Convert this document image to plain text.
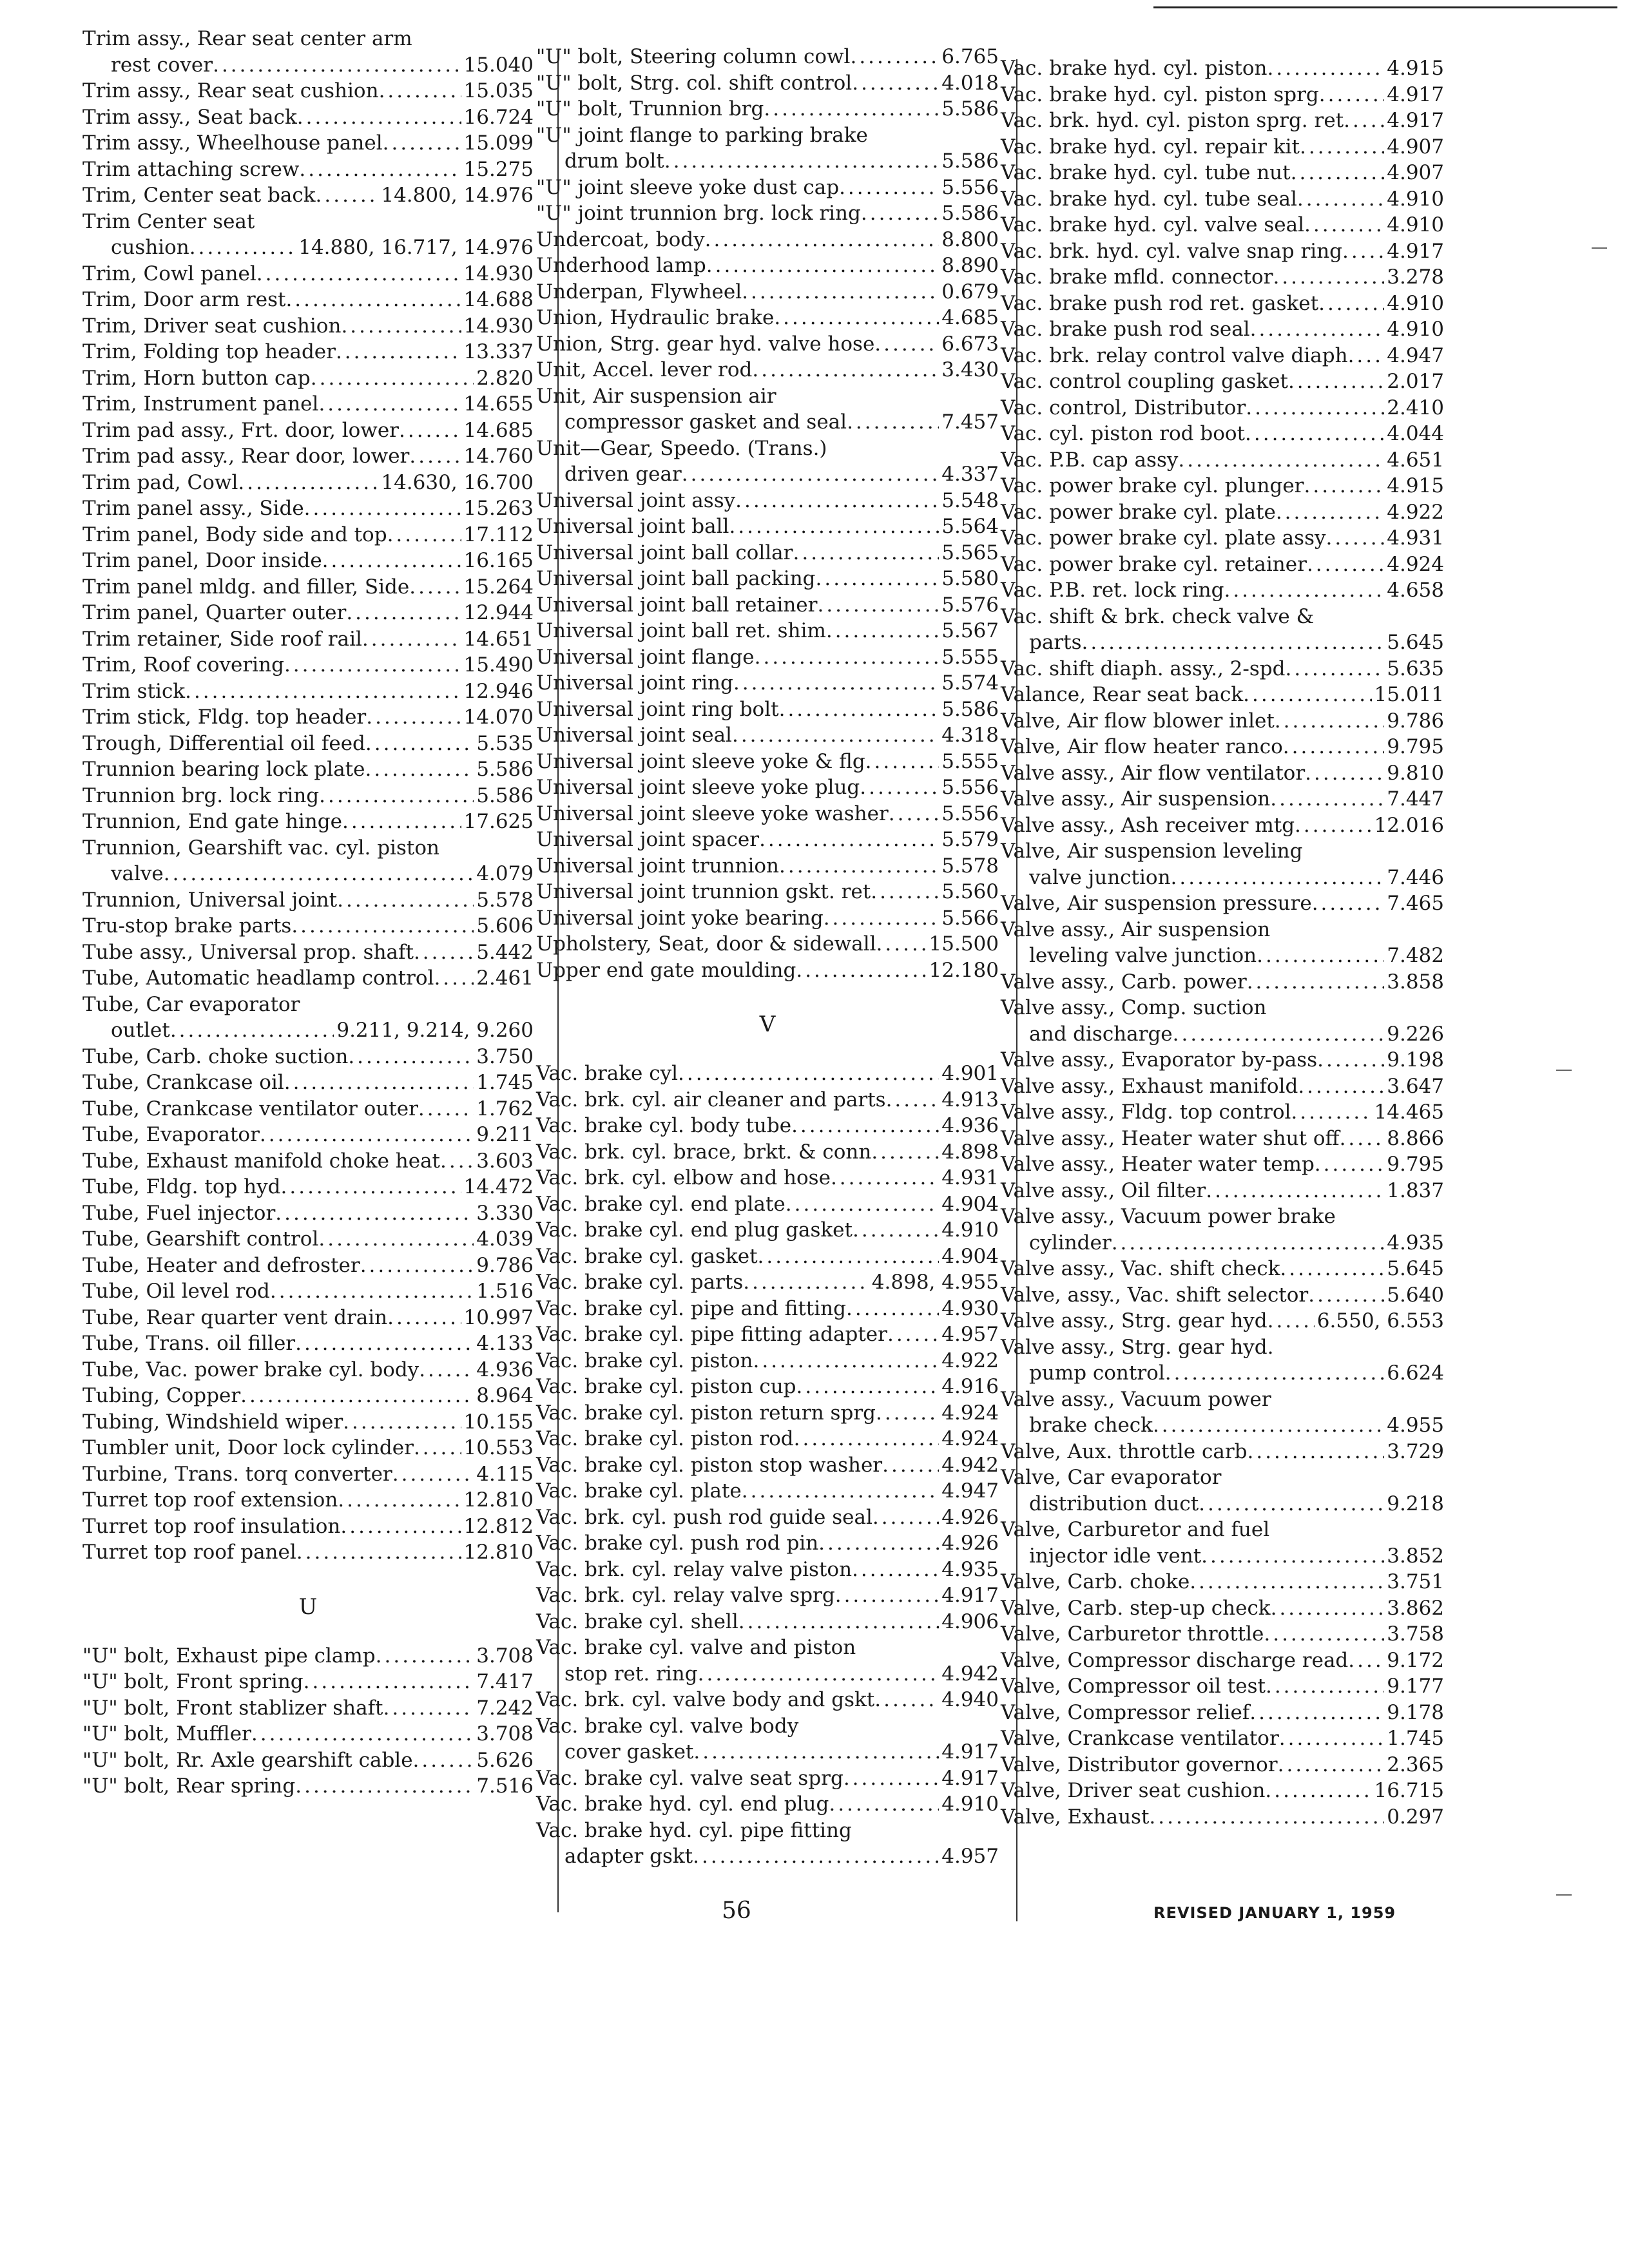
Trim assy., Rear seat center arm
rest cover .....	15.040
Trim assy., Rear seat cushion .....	15.035
Trim assy., Seat back .....	16.724
Trim assy., Wheelhouse panel .....	15.099
Trim attaching screw .....	15.275
Trim, Center seat back .....	14.800, 14.976
Trim Center seat
cushion .....	14.880, 16.717, 14.976
Trim, Cowl panel .....	14.930
Trim, Door arm rest .....	14.688
Trim, Driver seat cushion .....	14.930
Trim, Folding top header .....	13.337
Trim, Horn button cap .....	2.820
Trim, Instrument panel .....	14.655
Trim pad assy., Frt. door, lower .....	14.685
Trim pad assy., Rear door, lower .....	14.760
Trim pad, Cowl .....	14.630, 16.700
Trim panel assy., Side .....	15.263
Trim panel, Body side and top .....	17.112
Trim panel, Door inside .....	16.165
Trim panel mldg. and filler, Side .....	15.264
Trim panel, Quarter outer .....	12.944
Trim retainer, Side roof rail .....	14.651
Trim, Roof covering .....	15.490
Trim stick .....	12.946
Trim stick, Fldg. top header .....	14.070
Trough, Differential oil feed .....	5.535
Trunnion bearing lock plate .....	5.586
Trunnion brg. lock ring .....	5.586
Trunnion, End gate hinge .....	17.625
Trunnion, Gearshift vac. cyl. piston
valve .....	4.079
Trunnion, Universal joint .....	5.578
Tru-stop brake parts .....	5.606
Tube assy., Universal prop. shaft .....	5.442
Tube, Automatic headlamp control ..... 2.461
Tube, Car evaporator
outlet .....	9.211, 9.214, 9.260
Tube, Carb. choke suction .....	3.750
Tube, Crankcase oil .....	1.745
Tube, Crankcase ventilator outer .....	1.762
Tube, Evaporator .....	9.211
Tube, Exhaust manifold choke heat ..... 3.603
Tube, Fldg. top hyd .....	14.472
Tube, Fuel injector .....	3.330
Tube, Gearshift control .....	4.039
Tube, Heater and defroster .....	9.786
Tube, Oil level rod .....	1.516
Tube, Rear quarter vent drain .....	10.997
Tube, Trans. oil filler .....	4.133
Tube, Vac. power brake cyl. body .....	4.936
Tubing, Copper .....	8.964
Tubing, Windshield wiper .....	10.155
Tumbler unit, Door lock cylinder .....	10.553
Turbine, Trans. torq converter .....	4.115
Turret top roof extension .....	12.810
Turret top roof insulation .....	12.812
Turret top roof panel .....	12.810
U
"U" bolt, Exhaust pipe clamp .....	3.708
"U" bolt, Front spring .....	7.417
"U" bolt, Front stablizer shaft .....	7.242
"U" bolt, Muffler .....	3.708
"U" bolt, Rr. Axle gearshift cable .....	5.626
"U" bolt, Rear spring .....	7.516
"U" bolt, Steering column cowl .....	6.765
"U" bolt, Strg. col. shift control .....	4.018
"U" bolt, Trunnion brg .....	5.586
"U" joint flange to parking brake
drum bolt .....	5.586
"U" joint sleeve yoke dust cap .....	5.556
"U" joint trunnion brg. lock ring .....	5.586
Undercoat, body .....	8.800
Underhood lamp .....	8.890
Underpan, Flywheel .....	0.679
Union, Hydraulic brake .....	4.685
Union, Strg. gear hyd. valve hose .....	6.673
Unit, Accel. lever rod .....	3.430
Unit, Air suspension air
compressor gasket and seal .....	7.457
Unit—Gear, Speedo. (Trans.)
driven gear .....	4.337
Universal joint assy .....	5.548
Universal joint ball .....	5.564
Universal joint ball collar .....	5.565
Universal joint ball packing .....	5.580
Universal joint ball retainer .....	5.576
Universal joint ball ret. shim .....	5.567
Universal joint flange .....	5.555
Universal joint ring .....	5.574
Universal joint ring bolt .....	5.586
Universal joint seal .....	4.318
Universal joint sleeve yoke & flg .....	5.555
Universal joint sleeve yoke plug .....	5.556
Universal joint sleeve yoke washer .....	5.556
Universal joint spacer .....	5.579
Universal joint trunnion .....	5.578
Universal joint trunnion gskt. ret .....	5.560
Universal joint yoke bearing .....	5.566
Upholstery, Seat, door & sidewall .....	15.500
Upper end gate moulding .....	12.180
V
Vac. brake cyl .....	4.901
Vac. brk. cyl. air cleaner and parts .....	4.913
Vac. brake cyl. body tube .....	4.936
Vac. brk. cyl. brace, brkt. & conn .....	4.898
Vac. brk. cyl. elbow and hose .....	4.931
Vac. brake cyl. end plate .....	4.904
Vac. brake cyl. end plug gasket .....	4.910
Vac. brake cyl. gasket .....	4.904
Vac. brake cyl. parts .....	4.898, 4.955
Vac. brake cyl. pipe and fitting .....	4.930
Vac. brake cyl. pipe fitting adapter .....	4.957
Vac. brake cyl. piston .....	4.922
Vac. brake cyl. piston cup .....	4.916
Vac. brake cyl. piston return sprg .....	4.924
Vac. brake cyl. piston rod .....	4.924
Vac. brake cyl. piston stop washer .....	4.942
Vac. brake cyl. plate .....	4.947
Vac. brk. cyl. push rod guide seal .....	4.926
Vac. brake cyl. push rod pin .....	4.926
Vac. brk. cyl. relay valve piston .....	4.935
Vac. brk. cyl. relay valve sprg .....	4.917
Vac. brake cyl. shell .....	4.906
Vac. brake cyl. valve and piston
stop ret. ring .....	4.942
Vac. brk. cyl. valve body and gskt .....	4.940
Vac. brake cyl. valve body
cover gasket .....	4.917
Vac. brake cyl. valve seat sprg .....	4.917
Vac. brake hyd. cyl. end plug .....	4.910
Vac. brake hyd. cyl. pipe fitting
adapter gskt .....	4.957
Vac. brake hyd. cyl. piston .....	4.915
Vac. brake hyd. cyl. piston sprg .....	4.917
Vac. brk. hyd. cyl. piston sprg. ret ..... 4.917
Vac. brake hyd. cyl. repair kit .....	4.907
Vac. brake hyd. cyl. tube nut .....	4.907
Vac. brake hyd. cyl. tube seal .....	4.910
Vac. brake hyd. cyl. valve seal .....	4.910
Vac. brk. hyd. cyl. valve snap ring ..... 4.917
Vac. brake mfld. connector .....	3.278
Vac. brake push rod ret. gasket .....	4.910
Vac. brake push rod seal .....	4.910
Vac. brk. relay control valve diaph ..... 4.947
Vac. control coupling gasket .....	2.017
Vac. control, Distributor .....	2.410
Vac. cyl. piston rod boot .....	4.044
Vac. P.B. cap assy .....	4.651
Vac. power brake cyl. plunger .....	4.915
Vac. power brake cyl. plate .....	4.922
Vac. power brake cyl. plate assy .....	4.931
Vac. power brake cyl. retainer .....	4.924
Vac. P.B. ret. lock ring .....	4.658
Vac. shift & brk. check valve &
parts .....	5.645
Vac. shift diaph. assy., 2-spd .....	5.635
Valance, Rear seat back .....	15.011
Valve, Air flow blower inlet .....	9.786
Valve, Air flow heater ranco .....	9.795
Valve assy., Air flow ventilator .....	9.810
Valve assy., Air suspension .....	7.447
Valve assy., Ash receiver mtg .....	12.016
Valve, Air suspension leveling
valve junction .....	7.446
Valve, Air suspension pressure .....	7.465
Valve assy., Air suspension
leveling valve junction .....	7.482
Valve assy., Carb. power .....	3.858
Valve assy., Comp. suction
and discharge .....	9.226
Valve assy., Evaporator by-pass .....	9.198
Valve assy., Exhaust manifold .....	3.647
Valve assy., Fldg. top control .....	14.465
Valve assy., Heater water shut off ..... 8.866
Valve assy., Heater water temp .....	9.795
Valve assy., Oil filter .....	1.837
Valve assy., Vacuum power brake
cylinder .....	4.935
Valve assy., Vac. shift check .....	5.645
Valve, assy., Vac. shift selector .....	5.640
Valve assy., Strg. gear hyd ..... 6.550, 6.553
Valve assy., Strg. gear hyd.
pump control .....	6.624
Valve assy., Vacuum power
brake check .....	4.955
Valve, Aux. throttle carb .....	3.729
Valve, Car evaporator
distribution duct .....	9.218
Valve, Carburetor and fuel
injector idle vent .....	3.852
Valve, Carb. choke .....	3.751
Valve, Carb. step-up check .....	3.862
Valve, Carburetor throttle .....	3.758
Valve, Compressor discharge read ..... 9.172
Valve, Compressor oil test .....	9.177
Valve, Compressor relief .....	9.178
Valve, Crankcase ventilator .....	1.745
Valve, Distributor governor .....	2.365
Valve, Driver seat cushion .....	16.715
Valve, Exhaust .....	0.297
56	REVISED JANUARY 1, 1959
